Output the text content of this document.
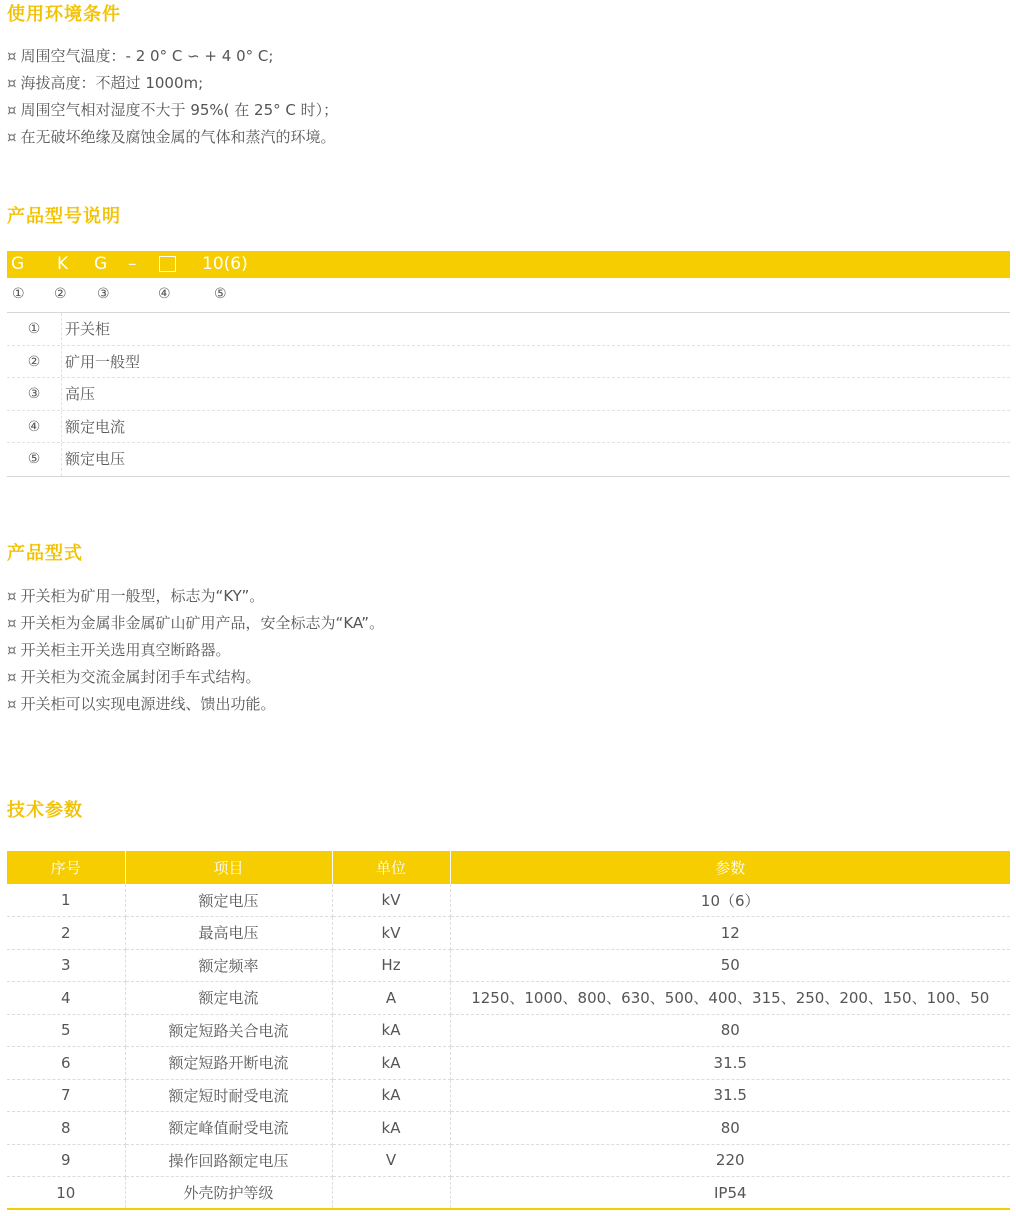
使用环境条件
¤ 周围空气温度：- 2 0° C ∽ + 4 0° C;
¤ 海拔高度：不超过 1000m;
¤ 周围空气相对湿度不大于 95%( 在 25° C 时）；
¤ 在无破坏绝缘及腐蚀金属的气体和蒸汽的环境。
产品型号说明
G K G –	10(6)
① ② ③	④	⑤
①	开关柜
②	矿用一般型
③	高压
④	额定电流
⑤	额定电压
产品型式
¤ 开关柜为矿用一般型，标志为“KY”。
¤ 开关柜为金属非金属矿山矿用产品，安全标志为“KA”。
¤ 开关柜主开关选用真空断路器。
¤ 开关柜为交流金属封闭手车式结构。
¤ 开关柜可以实现电源进线、馈出功能。
技术参数
序号	项目	单位	参数
1	额定电压	kV	10（6）
2	最高电压	kV	12
3	额定频率	Hz	50
4	额定电流	A	1250、1000、800、630、500、400、315、250、200、150、100、50
5	额定短路关合电流	kA	80
6	额定短路开断电流	kA	31.5
7	额定短时耐受电流	kA	31.5
8	额定峰值耐受电流	kA	80
9	操作回路额定电压	V	220
10	外壳防护等级		IP54
